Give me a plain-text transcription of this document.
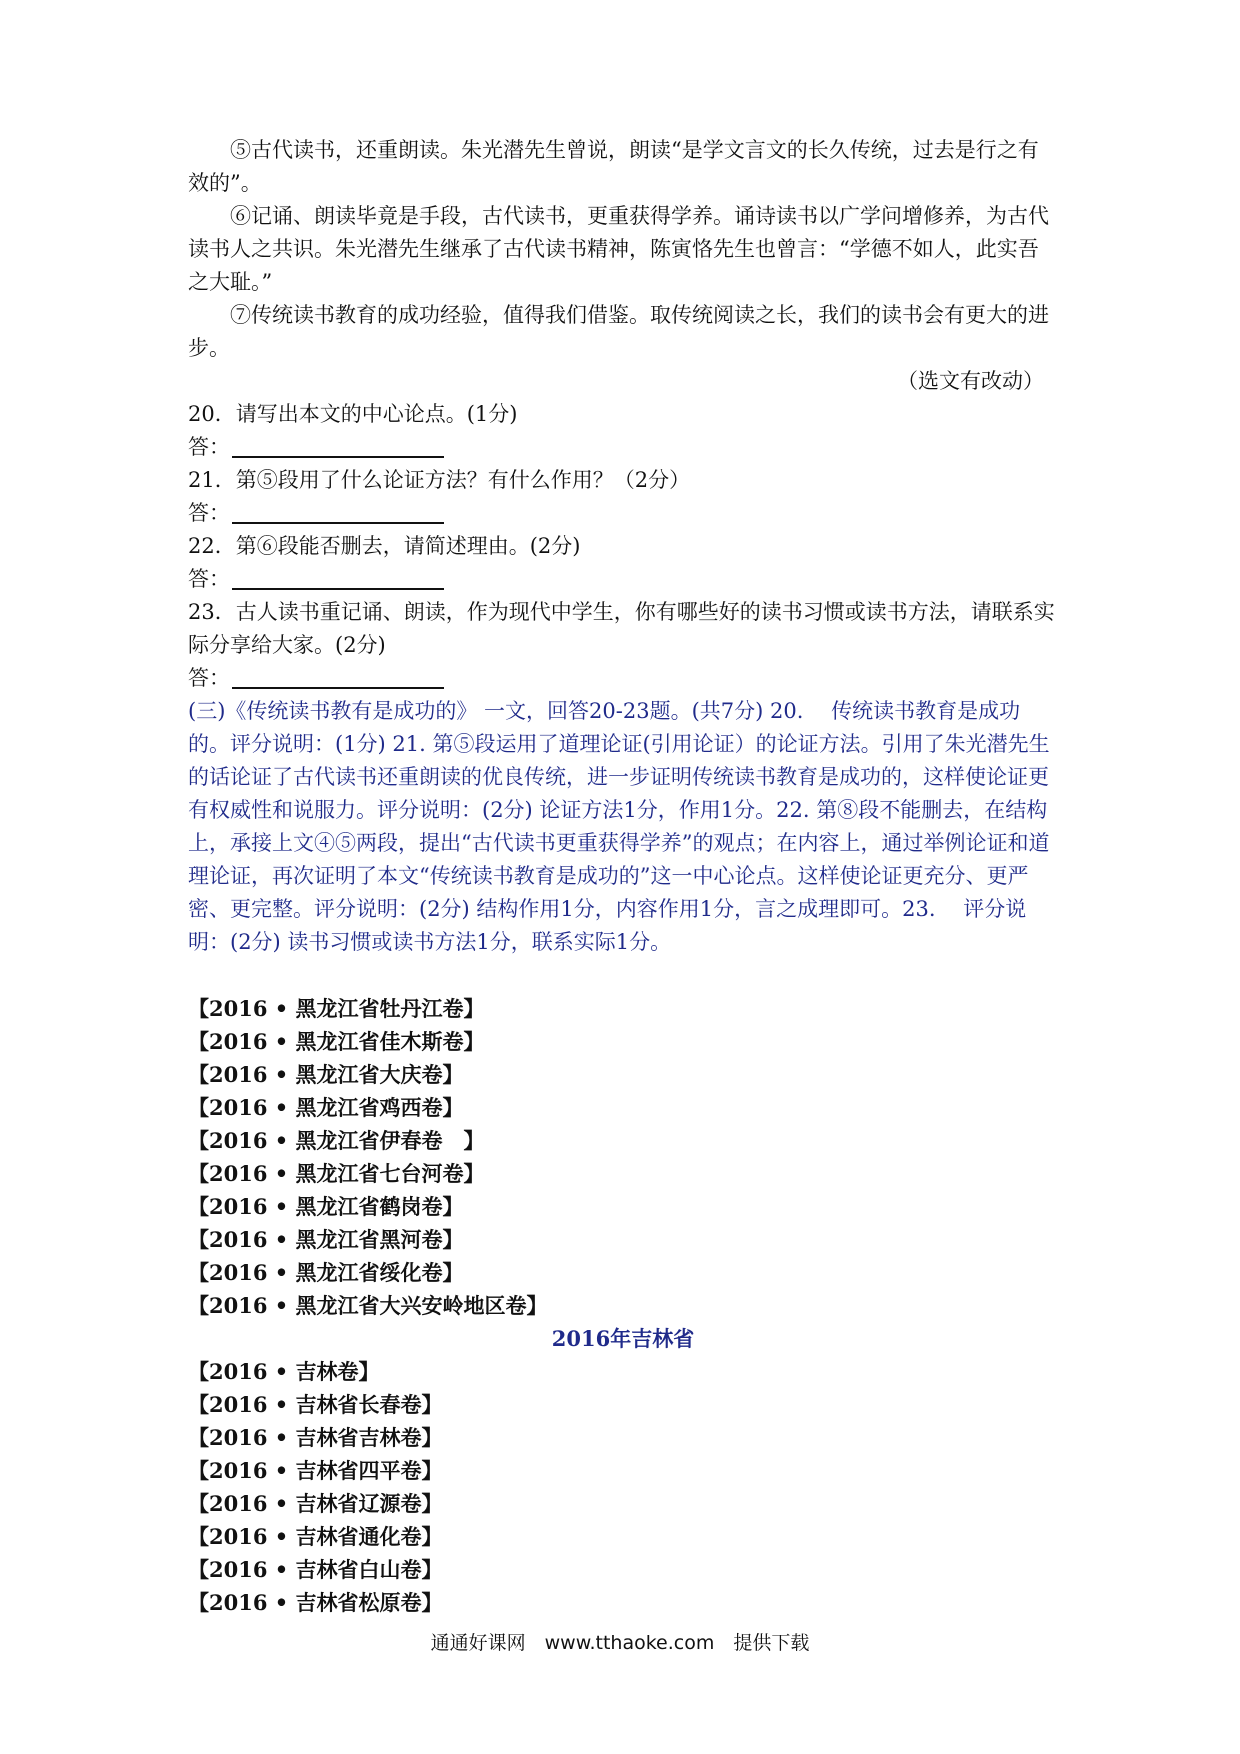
⑤古代读书，还重朗读。朱光潜先生曾说，朗读“是学文言文的长久传统，过去是行之有效的”。

⑥记诵、朗读毕竟是手段，古代读书，更重获得学养。诵诗读书以广学问增修养，为古代读书人之共识。朱光潜先生继承了古代读书精神，陈寅恪先生也曾言：“学德不如人，此实吾之大耻。”

⑦传统读书教育的成功经验，值得我们借鉴。取传统阅读之长，我们的读书会有更大的进步。

（选文有改动）

20．请写出本文的中心论点。(1分)

答：

21．第⑤段用了什么论证方法？有什么作用？（2分）

答：

22．第⑥段能否删去，请简述理由。(2分)

答：

23．古人读书重记诵、朗读，作为现代中学生，你有哪些好的读书习惯或读书方法，请联系实际分享给大家。(2分)

答：

(三)《传统读书教有是成功的》 一文，回答20-23题。(共7分) 20.　 传统读书教育是成功的。评分说明：(1分) 21. 第⑤段运用了道理论证(引用论证）的论证方法。引用了朱光潜先生的话论证了古代读书还重朗读的优良传统，进一步证明传统读书教育是成功的，这样使论证更有权威性和说服力。评分说明：(2分) 论证方法1分，作用1分。22. 第⑧段不能删去，在结构上，承接上文④⑤两段，提出“古代读书更重获得学养”的观点；在内容上，通过举例论证和道理论证，再次证明了本文“传统读书教育是成功的”这一中心论点。这样使论证更充分、更严密、更完整。评分说明：(2分) 结构作用1分，内容作用1分，言之成理即可。23.　 评分说明：(2分) 读书习惯或读书方法1分，联系实际1分。

【2016 • 黑龙江省牡丹江卷】
【2016 • 黑龙江省佳木斯卷】
【2016 • 黑龙江省大庆卷】
【2016 • 黑龙江省鸡西卷】
【2016 • 黑龙江省伊春卷　】
【2016 • 黑龙江省七台河卷】
【2016 • 黑龙江省鹤岗卷】
【2016 • 黑龙江省黑河卷】
【2016 • 黑龙江省绥化卷】
【2016 • 黑龙江省大兴安岭地区卷】
2016年吉林省
【2016 • 吉林卷】
【2016 • 吉林省长春卷】
【2016 • 吉林省吉林卷】
【2016 • 吉林省四平卷】
【2016 • 吉林省辽源卷】
【2016 • 吉林省通化卷】
【2016 • 吉林省白山卷】
【2016 • 吉林省松原卷】
通通好课网　www.tthaoke.com　提供下载
